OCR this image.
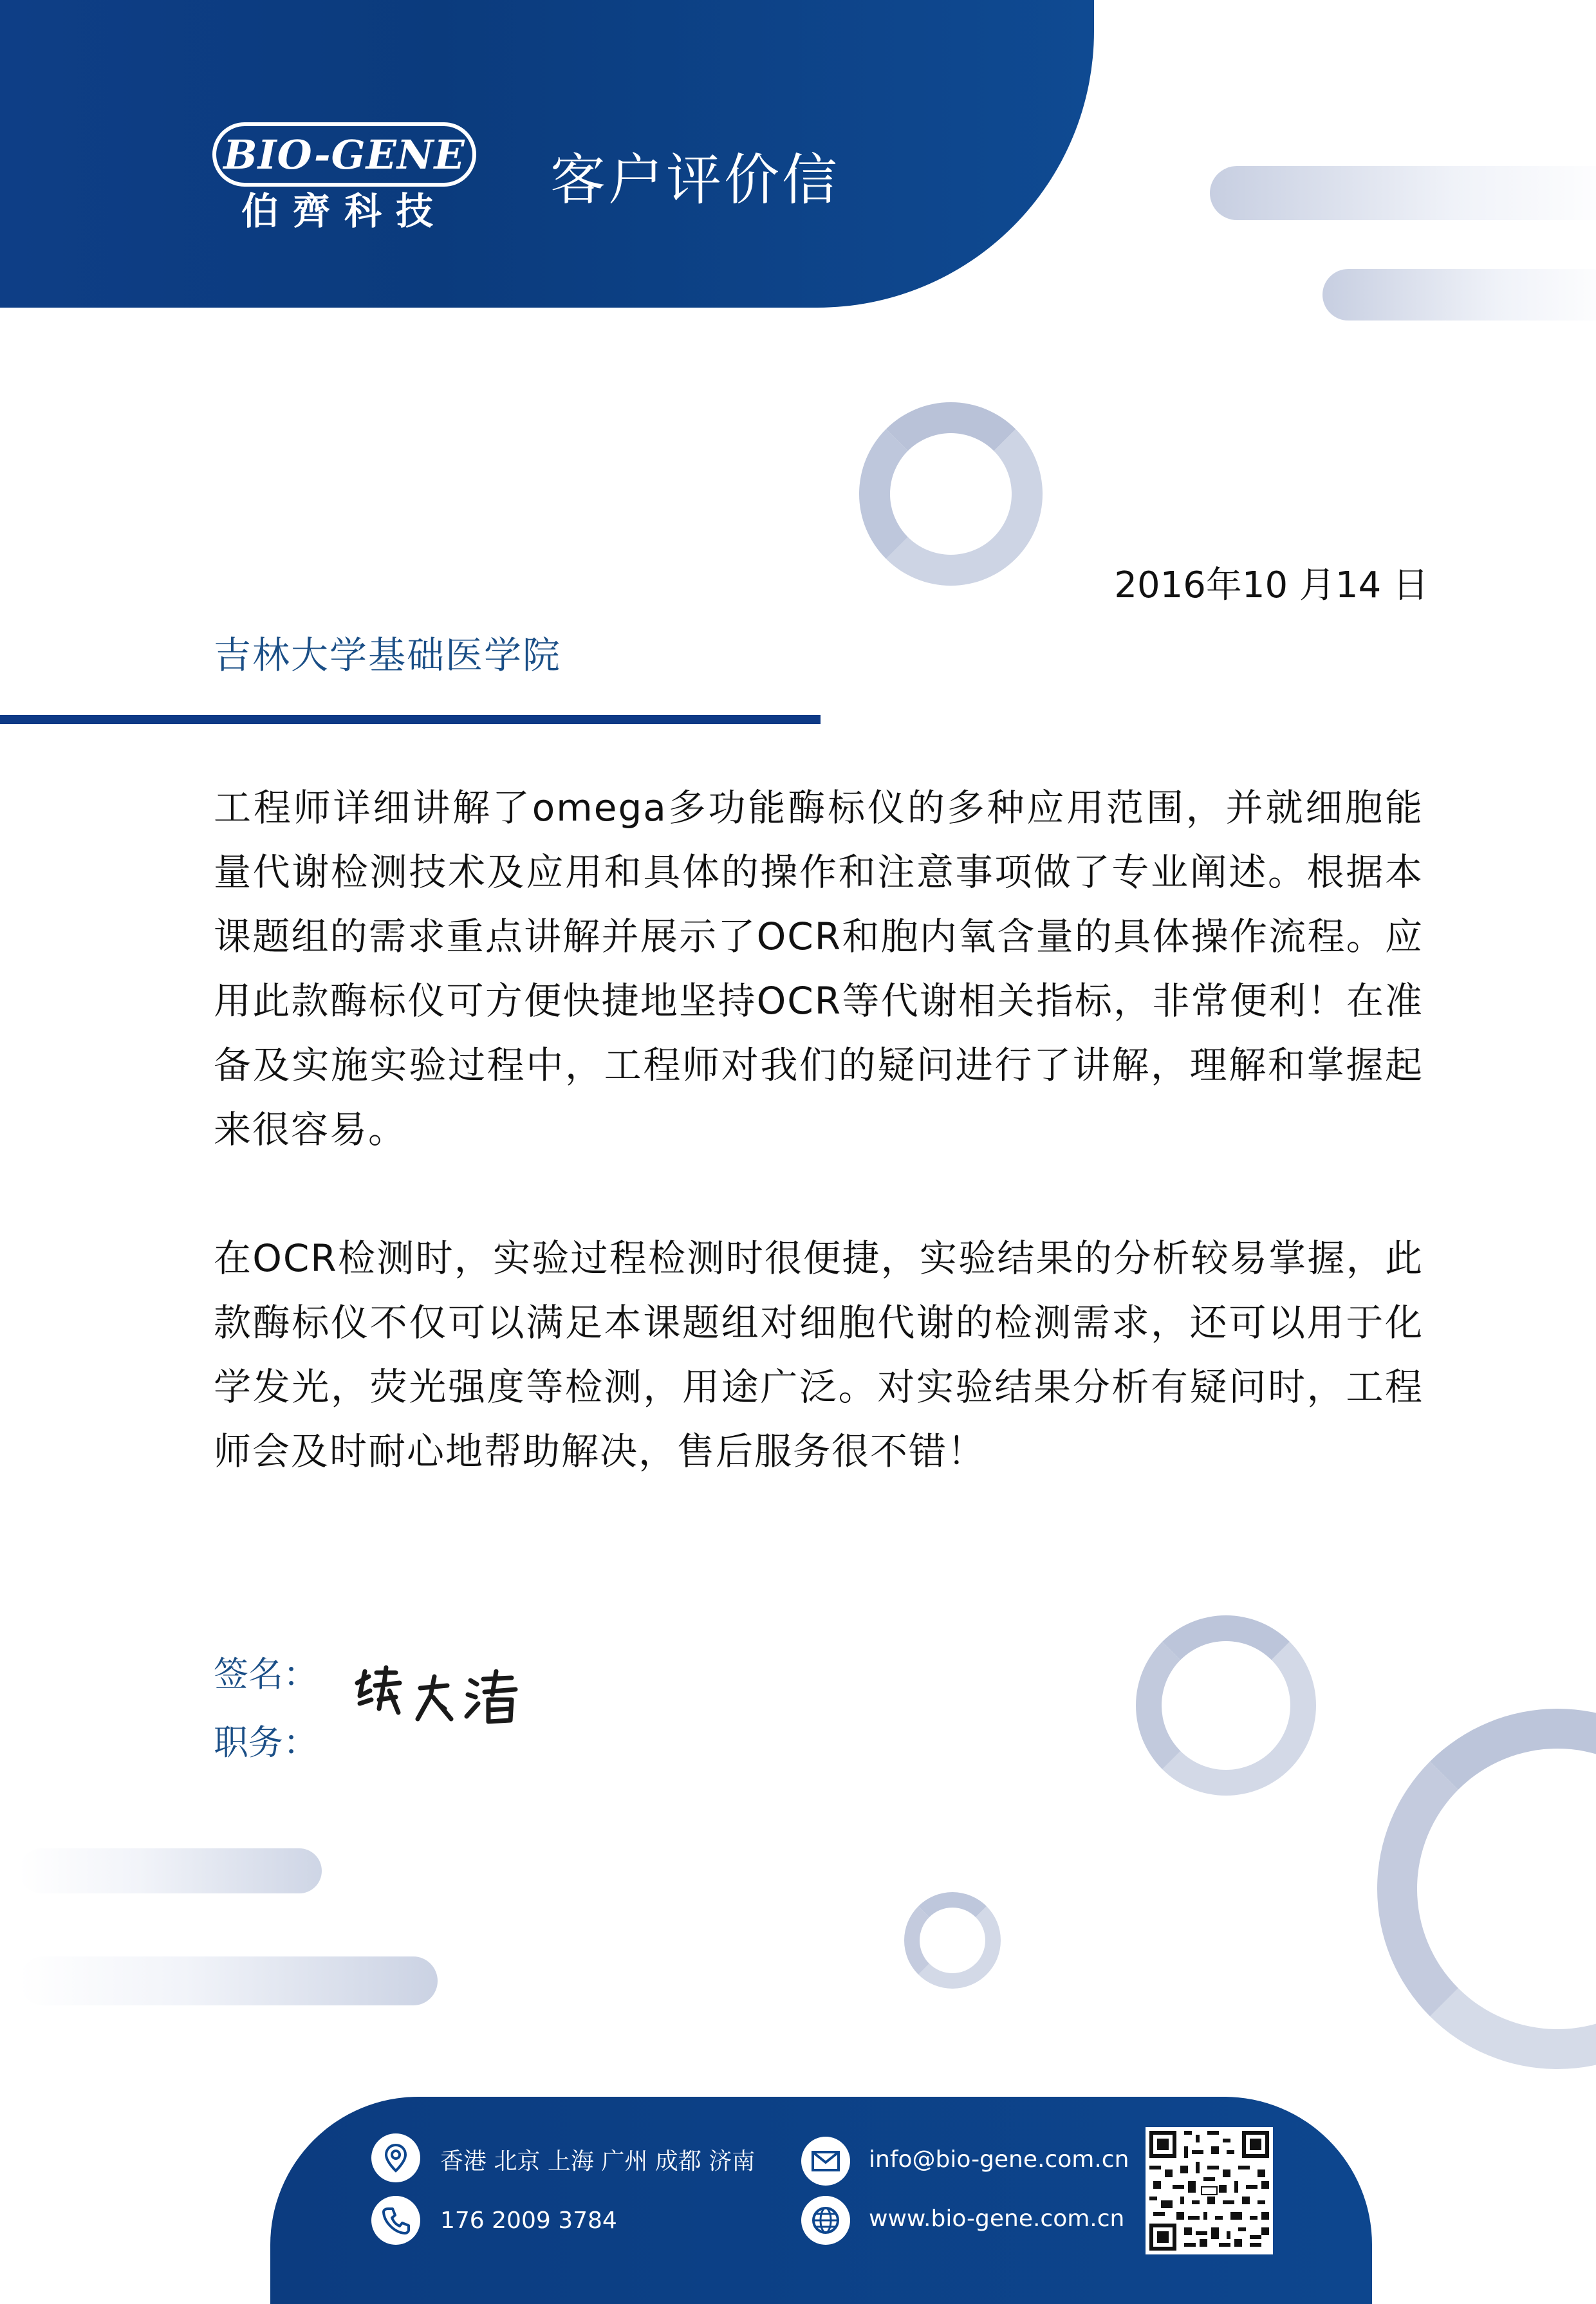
BIO-GENE
伯齊科技	客户评价信
2016年10 月14 日
吉林大学基础医学院
工程师详细讲解了omega多功能酶标仪的多种应用范围，并就细胞能量代谢检测技术及应用和具体的操作和注意事项做了专业阐述。根据本课题组的需求重点讲解并展示了OCR和胞内氧含量的具体操作流程。应用此款酶标仪可方便快捷地坚持OCR等代谢相关指标，非常便利！在准备及实施实验过程中，工程师对我们的疑问进行了讲解，理解和掌握起来很容易。
在OCR检测时，实验过程检测时很便捷，实验结果的分析较易掌握，此款酶标仪不仅可以满足本课题组对细胞代谢的检测需求，还可以用于化学发光，荧光强度等检测，用途广泛。对实验结果分析有疑问时，工程师会及时耐心地帮助解决，售后服务很不错！
签名：
职务：
香港 北京 上海 广州 成都 济南
176 2009 3784
info@bio-gene.com.cn
www.bio-gene.com.cn
